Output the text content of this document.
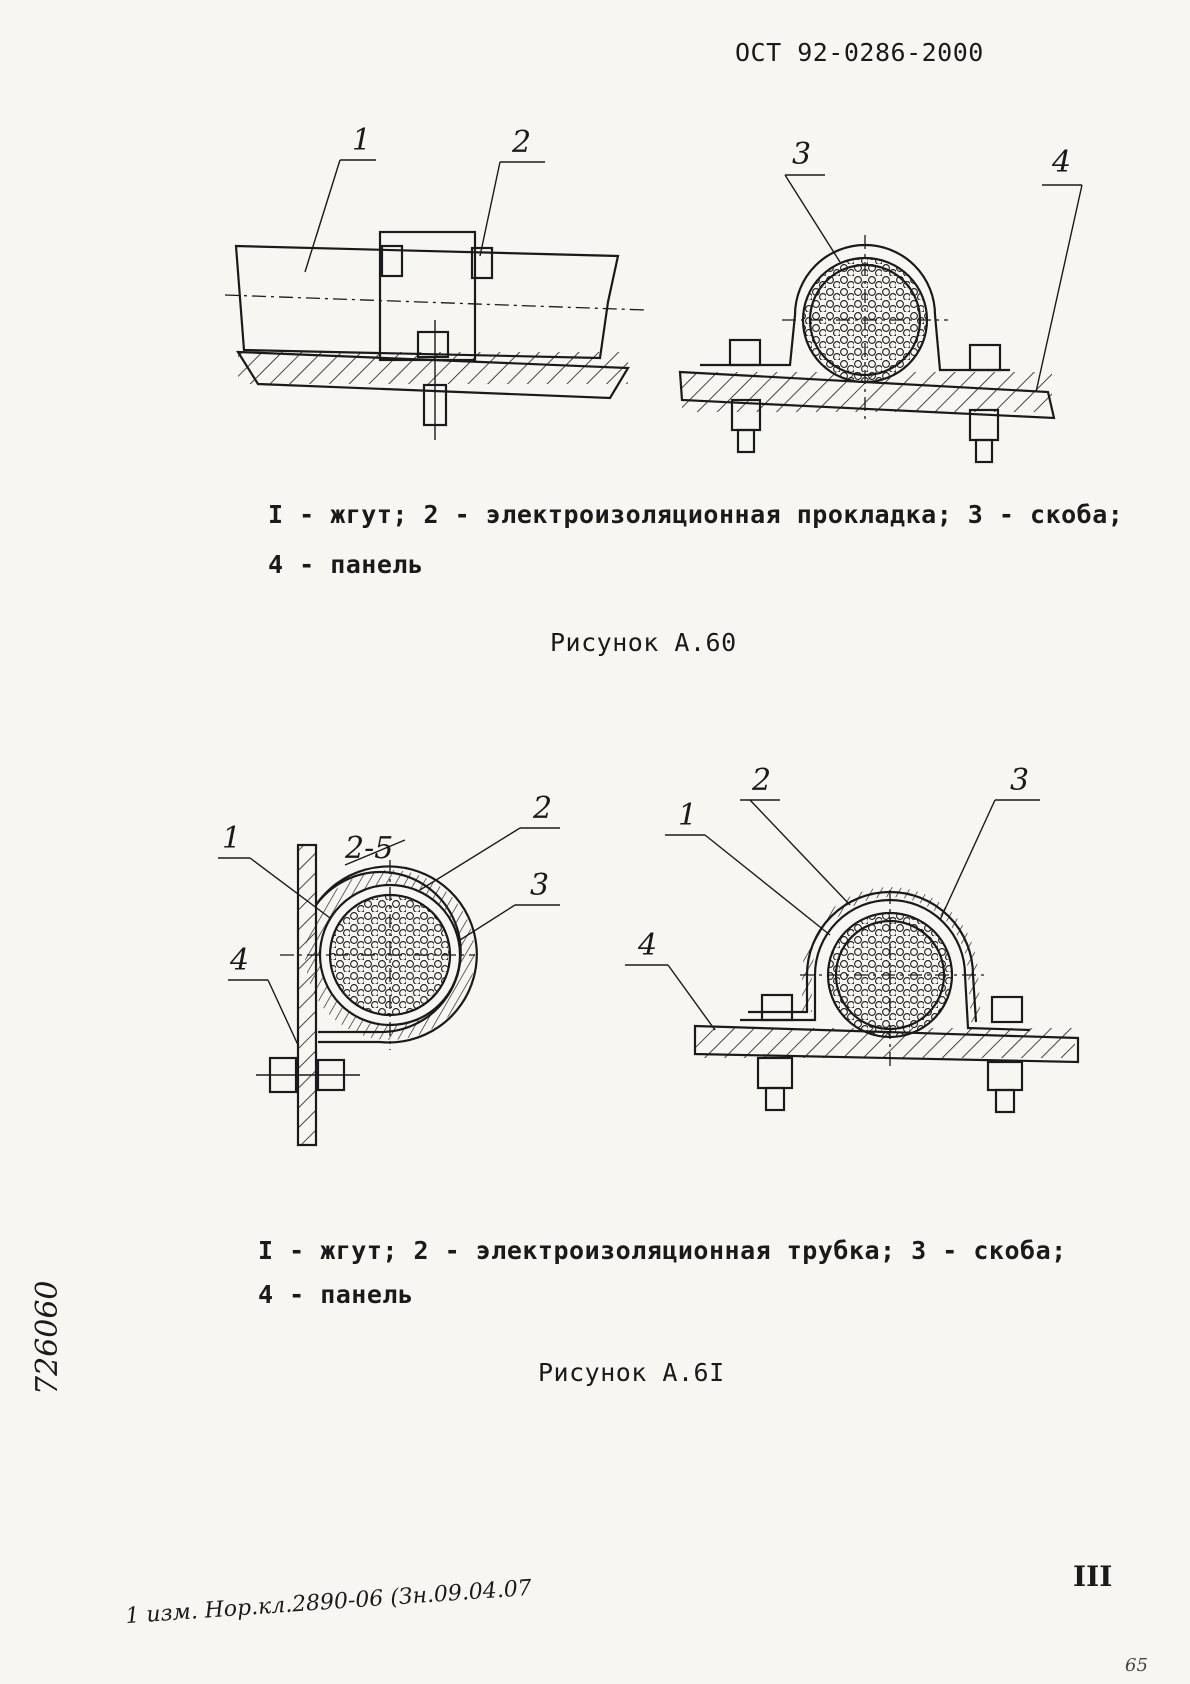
ОСТ 92-0286-2000
1	2	3	4
1	2-5
2
3
4
1
2	3
4
I - жгут; 2 - электроизоляционная прокладка; 3 - скоба;
4 - панель
Рисунок А.60
I - жгут; 2 - электроизоляционная трубка; 3 - скоба;
4 - панель
Рисунок А.6I
726060
III
1 изм. Нор.кл.2890-06 (Зн.09.04.07
65
